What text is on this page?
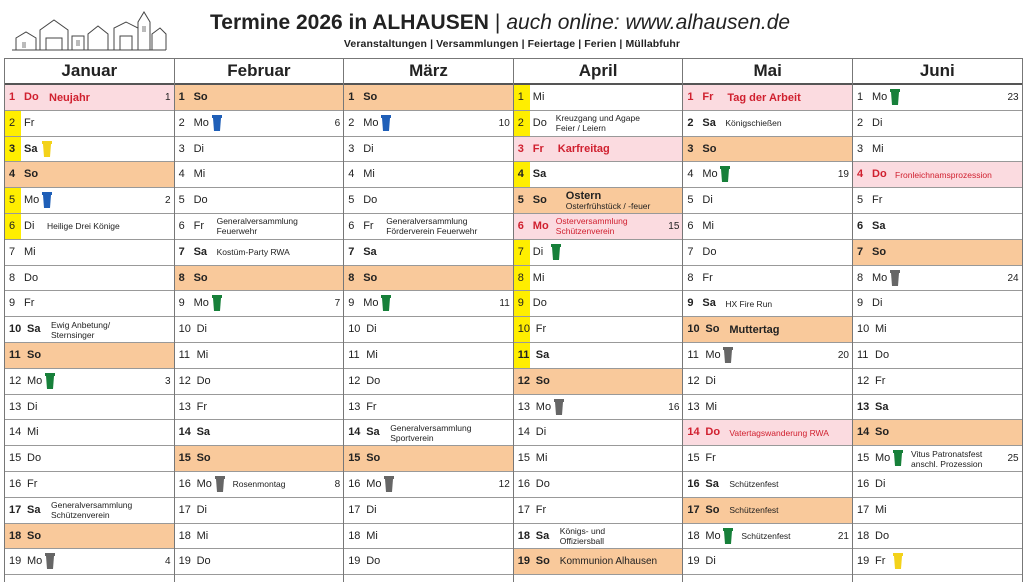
Termine 2026 in ALHAUSEN | auch online: www.alhausen.de
Veranstaltungen | Versammlungen | Feiertage | Ferien | Müllabfuhr
Januar
1 Do Neujahr	1
2 Fr
3 Sa
4 So
5 Mo	2
6 Di Heilige Drei Könige
7 Mi
8 Do
9 Fr
10 Sa Ewig Anbetung/
Sternsinger
11 So
12 Mo	3
13 Di
14 Mi
15 Do
16 Fr
17 Sa Generalversammlung
Schützenverein
18 So
19 Mo	4
Februar
1 So
2 Mo	6
3 Di
4 Mi
5 Do
6 Fr Generalversammlung
Feuerwehr
7 Sa Kostüm-Party RWA
8 So
9 Mo	7
10 Di
11 Mi
12 Do
13 Fr
14 Sa
15 So
16 Mo Rosenmontag	8
17 Di
18 Mi
19 Do
März
1 So
2 Mo	10
3 Di
4 Mi
5 Do
6 Fr Generalversammlung
Förderverein Feuerwehr
7 Sa
8 So
9 Mo	11
10 Di
11 Mi
12 Do
13 Fr
14 Sa Generalversammlung
Sportverein
15 So
16 Mo	12
17 Di
18 Mi
19 Do
April
1 Mi
2 Do Kreuzgang und Agape
Feier / Leiern
3 Fr Karfreitag
4 Sa
5 So Ostern
Osterfrühstück / -feuer
6 Mo Osterversammlung
Schützenverein	15
7 Di
8 Mi
9 Do
10 Fr
11 Sa
12 So
13 Mo	16
14 Di
15 Mi
16 Do
17 Fr
18 Sa Königs- und
Offiziersball
19 So Kommunion Alhausen
Mai
1 Fr Tag der Arbeit
2 Sa Königschießen
3 So
4 Mo	19
5 Di
6 Mi
7 Do
8 Fr
9 Sa HX Fire Run
10 So Muttertag
11 Mo	20
12 Di
13 Mi
14 Do Vatertagswanderung RWA
15 Fr
16 Sa Schützenfest
17 So Schützenfest
18 Mo Schützenfest	21
19 Di
Juni
1 Mo	23
2 Di
3 Mi
4 Do Fronleichnamsprozession
5 Fr
6 Sa
7 So
8 Mo	24
9 Di
10 Mi
11 Do
12 Fr
13 Sa
14 So
15 Mo Vitus Patronatsfest
anschl. Prozession	25
16 Di
17 Mi
18 Do
19 Fr
